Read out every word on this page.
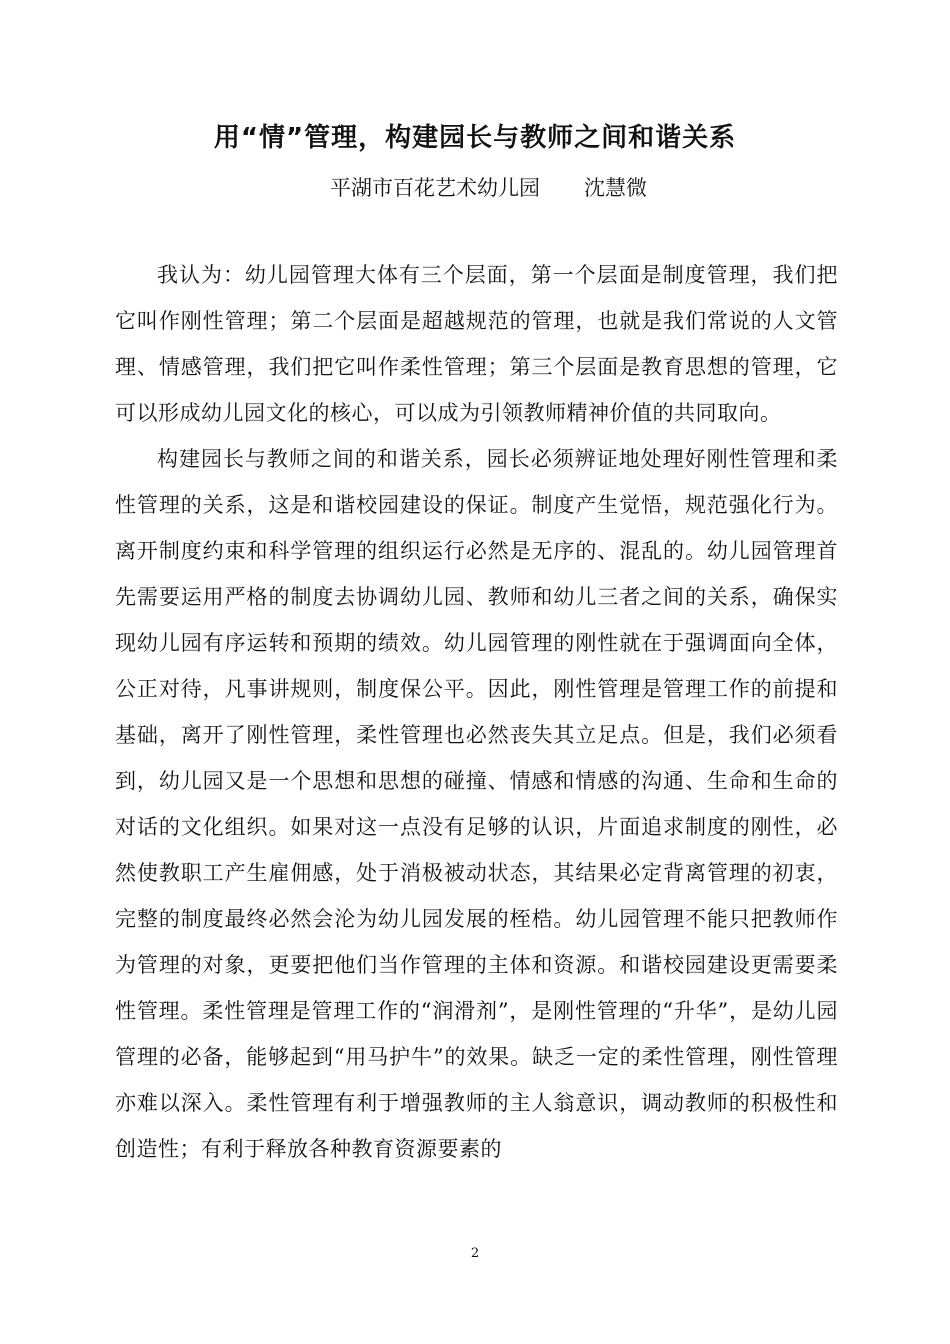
用“情”管理，构建园长与教师之间和谐关系
平湖市百花艺术幼儿园 沈慧微

我认为：幼儿园管理大体有三个层面，第一个层面是制度管理，我们把它叫作刚性管理；第二个层面是超越规范的管理，也就是我们常说的人文管理、情感管理，我们把它叫作柔性管理；第三个层面是教育思想的管理，它可以形成幼儿园文化的核心，可以成为引领教师精神价值的共同取向。

构建园长与教师之间的和谐关系，园长必须辨证地处理好刚性管理和柔性管理的关系，这是和谐校园建设的保证。制度产生觉悟，规范强化行为。离开制度约束和科学管理的组织运行必然是无序的、混乱的。幼儿园管理首先需要运用严格的制度去协调幼儿园、教师和幼儿三者之间的关系，确保实现幼儿园有序运转和预期的绩效。幼儿园管理的刚性就在于强调面向全体，公正对待，凡事讲规则，制度保公平。因此，刚性管理是管理工作的前提和基础，离开了刚性管理，柔性管理也必然丧失其立足点。但是，我们必须看到，幼儿园又是一个思想和思想的碰撞、情感和情感的沟通、生命和生命的对话的文化组织。如果对这一点没有足够的认识，片面追求制度的刚性，必然使教职工产生雇佣感，处于消极被动状态，其结果必定背离管理的初衷，完整的制度最终必然会沦为幼儿园发展的桎梏。幼儿园管理不能只把教师作为管理的对象，更要把他们当作管理的主体和资源。和谐校园建设更需要柔性管理。柔性管理是管理工作的“润滑剂”，是刚性管理的“升华”，是幼儿园管理的必备，能够起到“用马护牛”的效果。缺乏一定的柔性管理，刚性管理亦难以深入。柔性管理有利于增强教师的主人翁意识，调动教师的积极性和创造性；有利于释放各种教育资源要素的

2
